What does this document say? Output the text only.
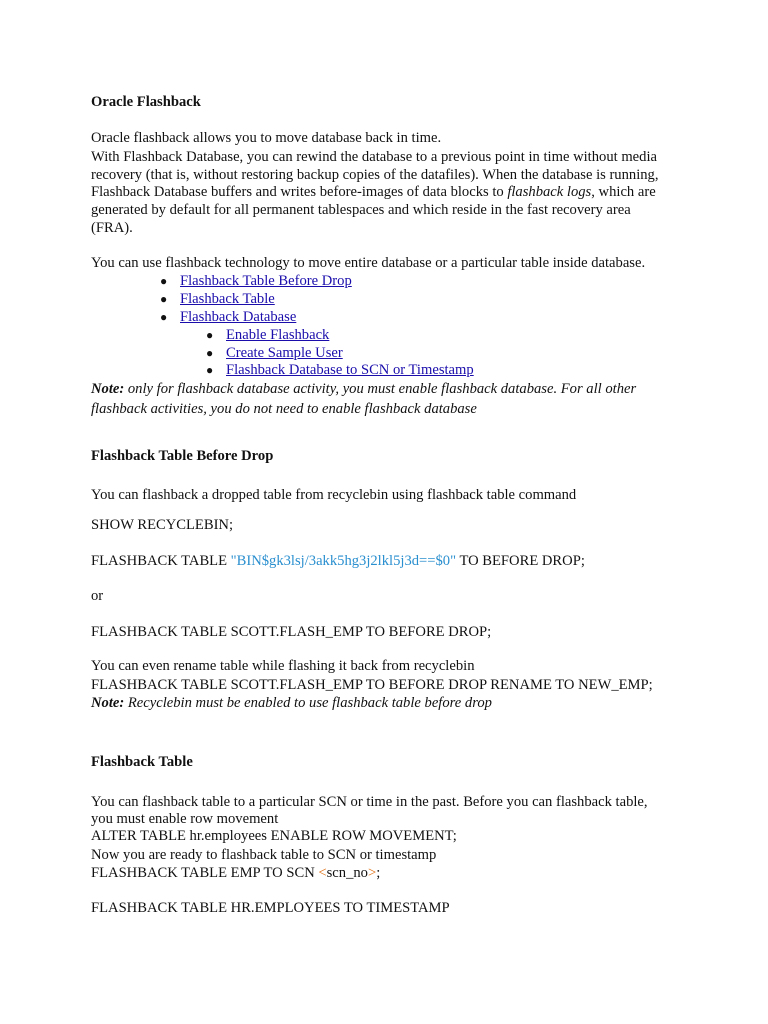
Oracle Flashback
Oracle flashback allows you to move database back in time.
With Flashback Database, you can rewind the database to a previous point in time without media
recovery (that is, without restoring backup copies of the datafiles). When the database is running,
Flashback Database buffers and writes before-images of data blocks to flashback logs, which are
generated by default for all permanent tablespaces and which reside in the fast recovery area
(FRA).
You can use flashback technology to move entire database or a particular table inside database.
● Flashback Table Before Drop
● Flashback Table
● Flashback Database
● Enable Flashback
● Create Sample User
● Flashback Database to SCN or Timestamp
Note: only for flashback database activity, you must enable flashback database. For all other
flashback activities, you do not need to enable flashback database
Flashback Table Before Drop
You can flashback a dropped table from recyclebin using flashback table command
SHOW RECYCLEBIN;
FLASHBACK TABLE "BIN$gk3lsj/3akk5hg3j2lkl5j3d==$0" TO BEFORE DROP;
or
FLASHBACK TABLE SCOTT.FLASH_EMP TO BEFORE DROP;
You can even rename table while flashing it back from recyclebin
FLASHBACK TABLE SCOTT.FLASH_EMP TO BEFORE DROP RENAME TO NEW_EMP;
Note: Recyclebin must be enabled to use flashback table before drop
Flashback Table
You can flashback table to a particular SCN or time in the past. Before you can flashback table,
you must enable row movement
ALTER TABLE hr.employees ENABLE ROW MOVEMENT;
Now you are ready to flashback table to SCN or timestamp
FLASHBACK TABLE EMP TO SCN <scn_no>;
FLASHBACK TABLE HR.EMPLOYEES TO TIMESTAMP
